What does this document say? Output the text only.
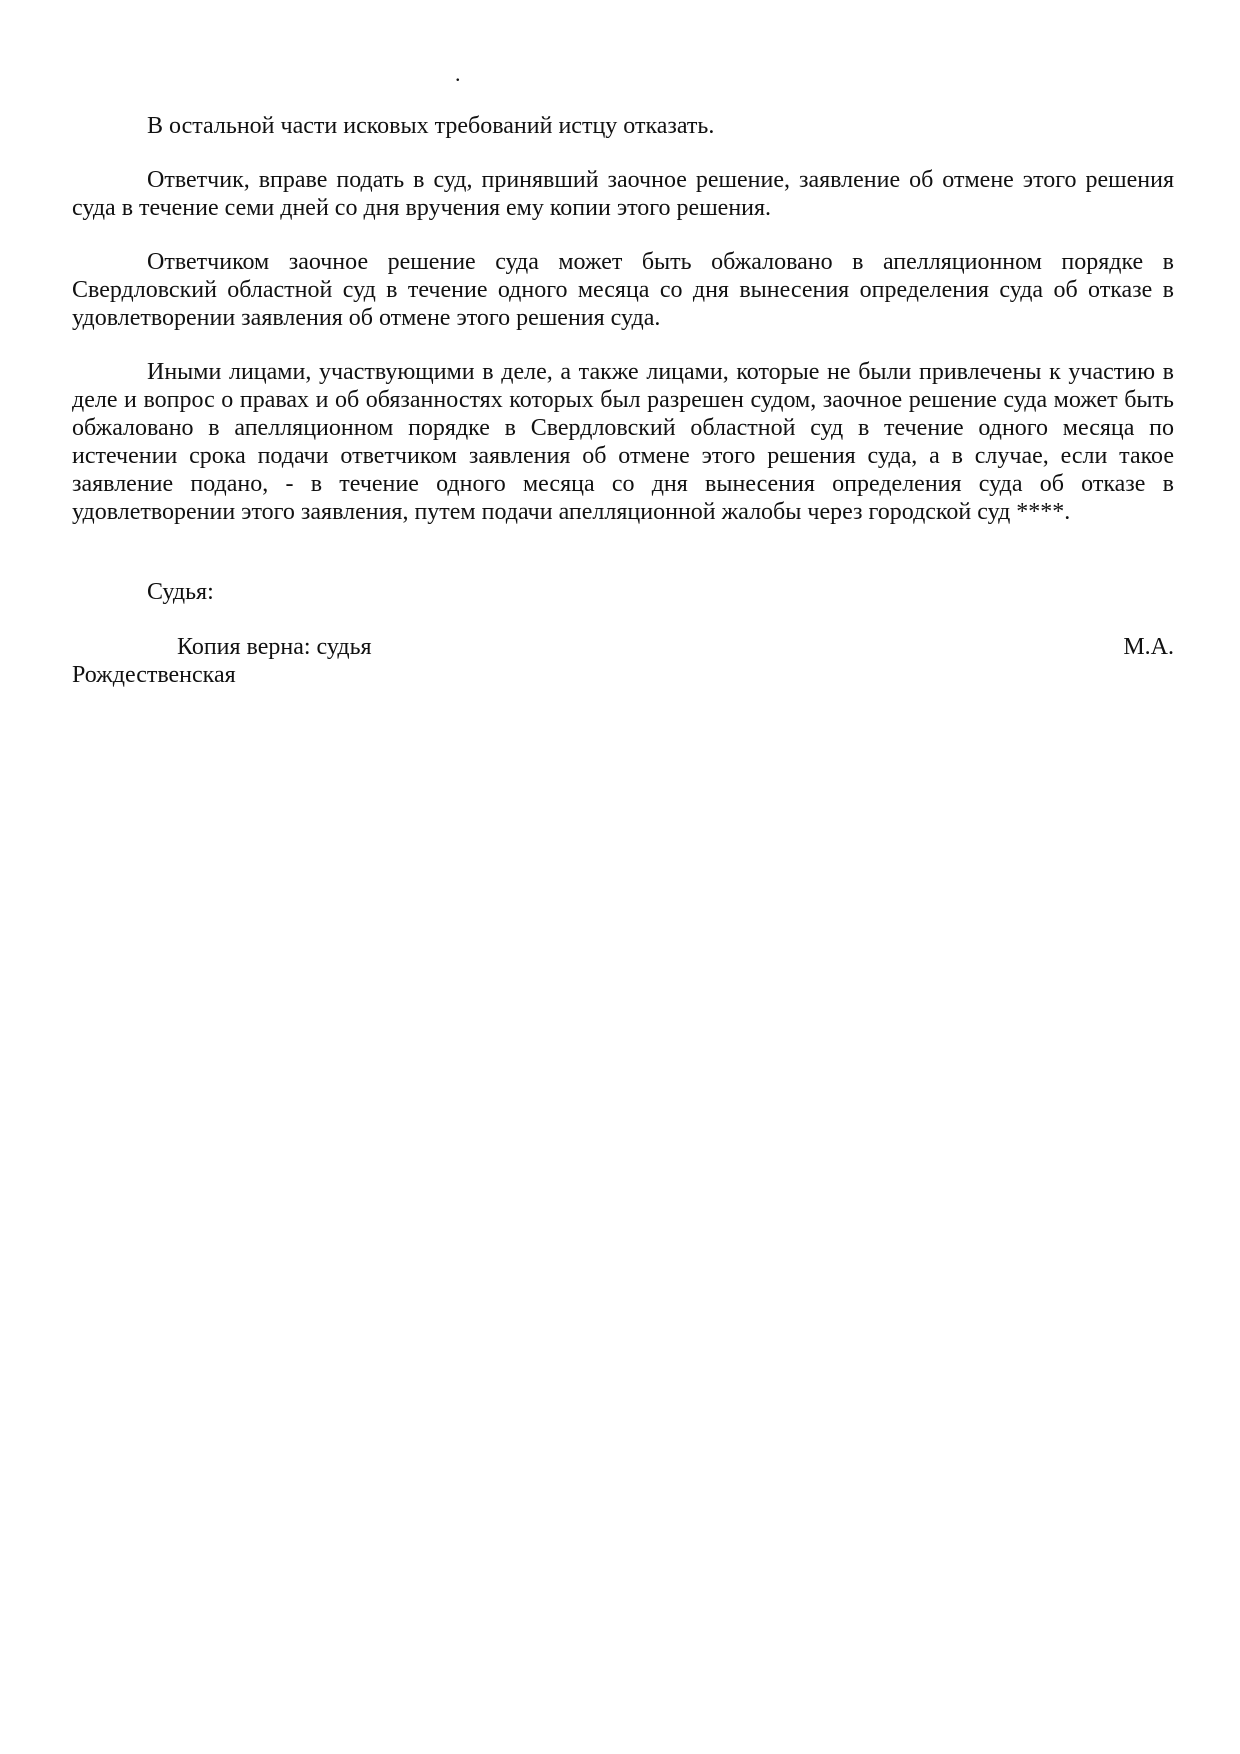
.

В остальной части исковых требований истцу отказать.

Ответчик, вправе подать в суд, принявший заочное решение, заявление об отмене этого решения суда в течение семи дней со дня вручения ему копии этого решения.

Ответчиком заочное решение суда может быть обжаловано в апелляционном порядке в Свердловский областной суд в течение одного месяца со дня вынесения определения суда об отказе в удовлетворении заявления об отмене этого решения суда.

Иными лицами, участвующими в деле, а также лицами, которые не были привлечены к участию в деле и вопрос о правах и об обязанностях которых был разрешен судом, заочное решение суда может быть обжаловано в апелляционном порядке в Свердловский областной суд в течение одного месяца по истечении срока подачи ответчиком заявления об отмене этого решения суда, а в случае, если такое заявление подано, - в течение одного месяца со дня вынесения определения суда об отказе в удовлетворении этого заявления, путем подачи апелляционной жалобы через городской суд ****.

Судья:
Копия верна: судья	М.А.
Рождественская
